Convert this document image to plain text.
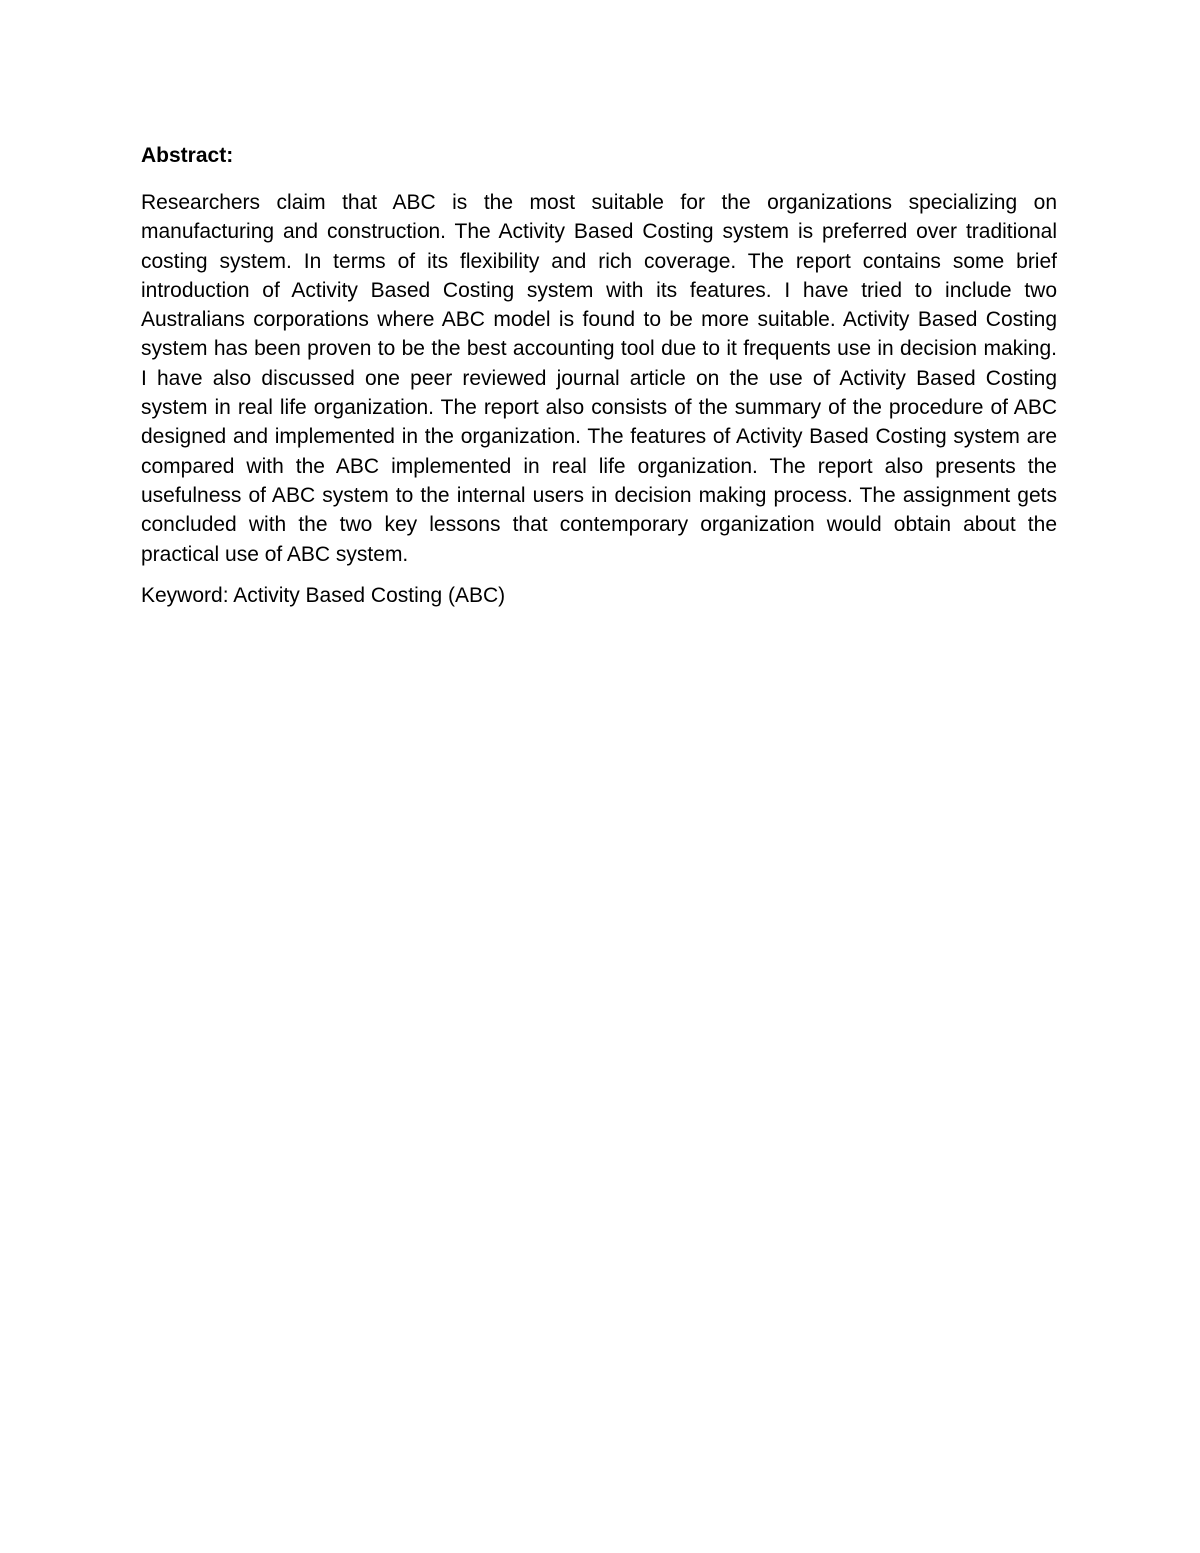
Abstract:

Researchers claim that ABC is the most suitable for the organizations specializing on manufacturing and construction. The Activity Based Costing system is preferred over traditional costing system. In terms of its flexibility and rich coverage. The report contains some brief introduction of Activity Based Costing system with its features. I have tried to include two Australians corporations where ABC model is found to be more suitable. Activity Based Costing system has been proven to be the best accounting tool due to it frequents use in decision making. I have also discussed one peer reviewed journal article on the use of Activity Based Costing system in real life organization. The report also consists of the summary of the procedure of ABC designed and implemented in the organization. The features of Activity Based Costing system are compared with the ABC implemented in real life organization. The report also presents the usefulness of ABC system to the internal users in decision making process. The assignment gets concluded with the two key lessons that contemporary organization would obtain about the practical use of ABC system.

Keyword: Activity Based Costing (ABC)
